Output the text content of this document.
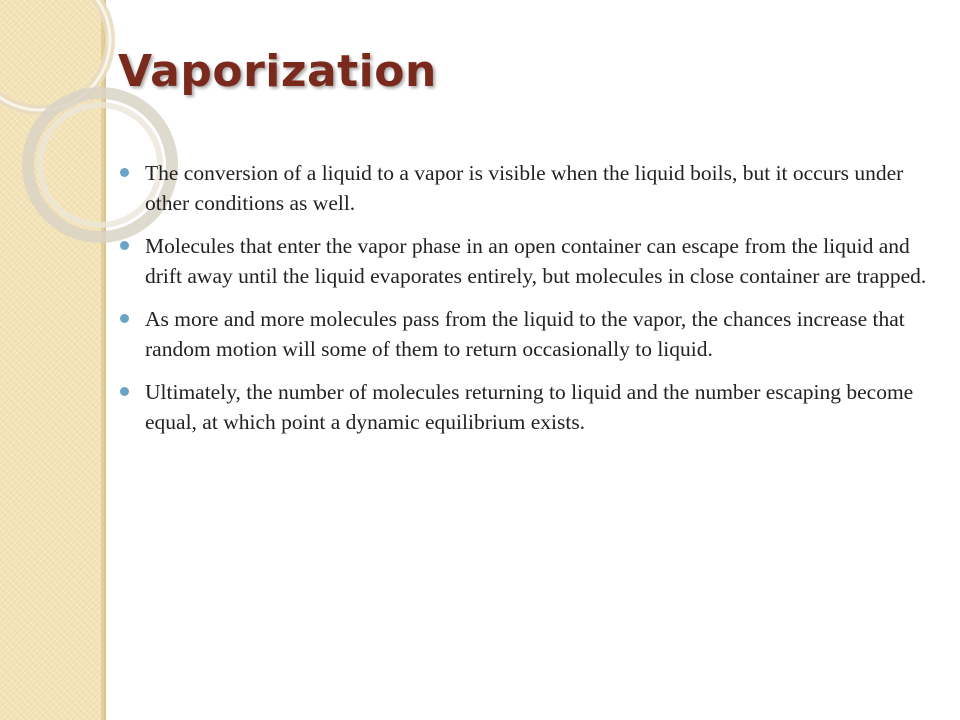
Vaporization
The conversion of a liquid to a vapor is visible when the liquid boils, but it occurs under other conditions as well.
Molecules that enter the vapor phase in an open container can escape from the liquid and drift away until the liquid evaporates entirely, but molecules in close container are trapped.
As more and more molecules pass from the liquid to the vapor, the chances increase that random motion will some of them to return occasionally to liquid.
Ultimately, the number of molecules returning to liquid and the number escaping become equal, at which point a dynamic equilibrium exists.
